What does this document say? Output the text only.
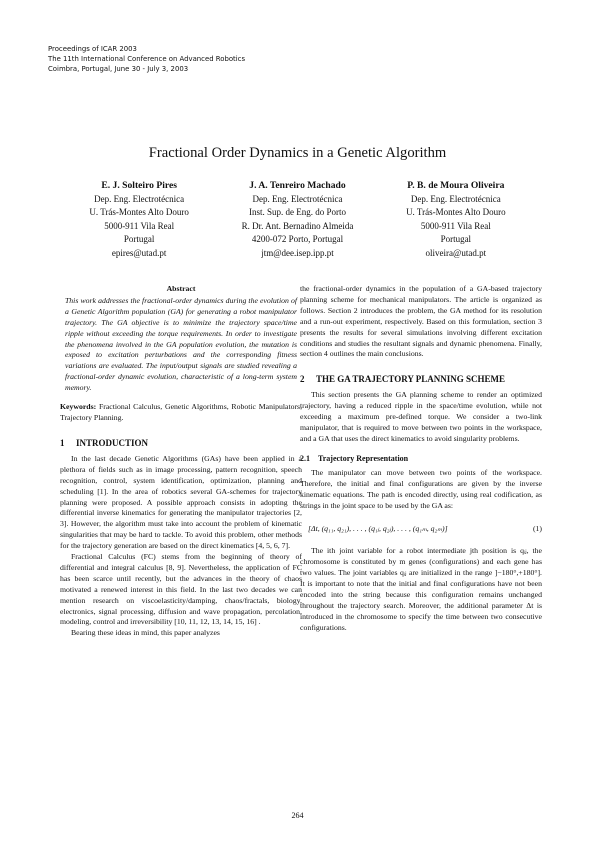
Proceedings of ICAR 2003
The 11th International Conference on Advanced Robotics
Coimbra, Portugal, June 30 - July 3, 2003
Fractional Order Dynamics in a Genetic Algorithm
E. J. Solteiro Pires
Dep. Eng. Electrotécnica
U. Trás-Montes Alto Douro
5000-911 Vila Real
Portugal
epires@utad.pt
J. A. Tenreiro Machado
Dep. Eng. Electrotécnica
Inst. Sup. de Eng. do Porto
R. Dr. Ant. Bernadino Almeida
4200-072 Porto, Portugal
jtm@dee.isep.ipp.pt
P. B. de Moura Oliveira
Dep. Eng. Electrotécnica
U. Trás-Montes Alto Douro
5000-911 Vila Real
Portugal
oliveira@utad.pt
Abstract

This work addresses the fractional-order dynamics during the evolution of a Genetic Algorithm population (GA) for generating a robot manipulator trajectory. The GA objective is to minimize the trajectory space/time ripple without exceeding the torque requirements. In order to investigate the phenomena involved in the GA population evolution, the mutation is exposed to excitation perturbations and the corresponding fitness variations are evaluated. The input/output signals are studied revealing a fractional-order dynamic evolution, characteristic of a long-term system memory.

Keywords: Fractional Calculus, Genetic Algorithms, Robotic Manipulators, Trajectory Planning.

1	INTRODUCTION

In the last decade Genetic Algorithms (GAs) have been applied in a plethora of fields such as in image processing, pattern recognition, speech recognition, control, system identification, optimization, planning and scheduling [1]. In the area of robotics several GA-schemes for trajectory planning were proposed. A possible approach consists in adopting the differential inverse kinematics for generating the manipulator trajectories [2, 3]. However, the algorithm must take into account the problem of kinematic singularities that may be hard to tackle. To avoid this problem, other methods for the trajectory generation are based on the direct kinematics [4, 5, 6, 7].

Fractional Calculus (FC) stems from the beginning of theory of differential and integral calculus [8, 9]. Nevertheless, the application of FC has been scarce until recently, but the advances in the theory of chaos motivated a renewed interest in this field. In the last two decades we can mention research on viscoelasticity/damping, chaos/fractals, biology, electronics, signal processing, diffusion and wave propagation, percolation, modeling, control and irreversibility [10, 11, 12, 13, 14, 15, 16] .

Bearing these ideas in mind, this paper analyzes

the fractional-order dynamics in the population of a GA-based trajectory planning scheme for mechanical manipulators. The article is organized as follows. Section 2 introduces the problem, the GA method for its resolution and a run-out experiment, respectively. Based on this formulation, section 3 presents the results for several simulations involving different excitation conditions and studies the resultant signals and dynamic phenomena. Finally, section 4 outlines the main conclusions.

2	THE GA TRAJECTORY PLANNING SCHEME

This section presents the GA planning scheme to render an optimized trajectory, having a reduced ripple in the space/time evolution, while not exceeding a maximum pre-defined torque. We consider a two-link manipulator, that is required to move between two points in the workspace, and a GA that uses the direct kinematics to avoid singularity problems.

2.1	Trajectory Representation

The manipulator can move between two points of the workspace. Therefore, the initial and final configurations are given by the inverse kinematic equations. The path is encoded directly, using real codification, as strings in the joint space to be used by the GA as:

[Δt, (q₁₁, q₂₁), . . . , (q₁ⱼ, q₂ⱼ), . . . , (q₁ₘ, q₂ₘ)]	(1)

The ith joint variable for a robot intermediate jth position is qᵢⱼ, the chromosome is constituted by m genes (configurations) and each gene has two values. The joint variables qᵢⱼ are initialized in the range ]−180°,+180°]. It is important to note that the initial and final configurations have not been encoded into the string because this configuration remains unchanged throughout the trajectory search. Moreover, the additional parameter Δt is introduced in the chromosome to specify the time between two consecutive configurations.

264
